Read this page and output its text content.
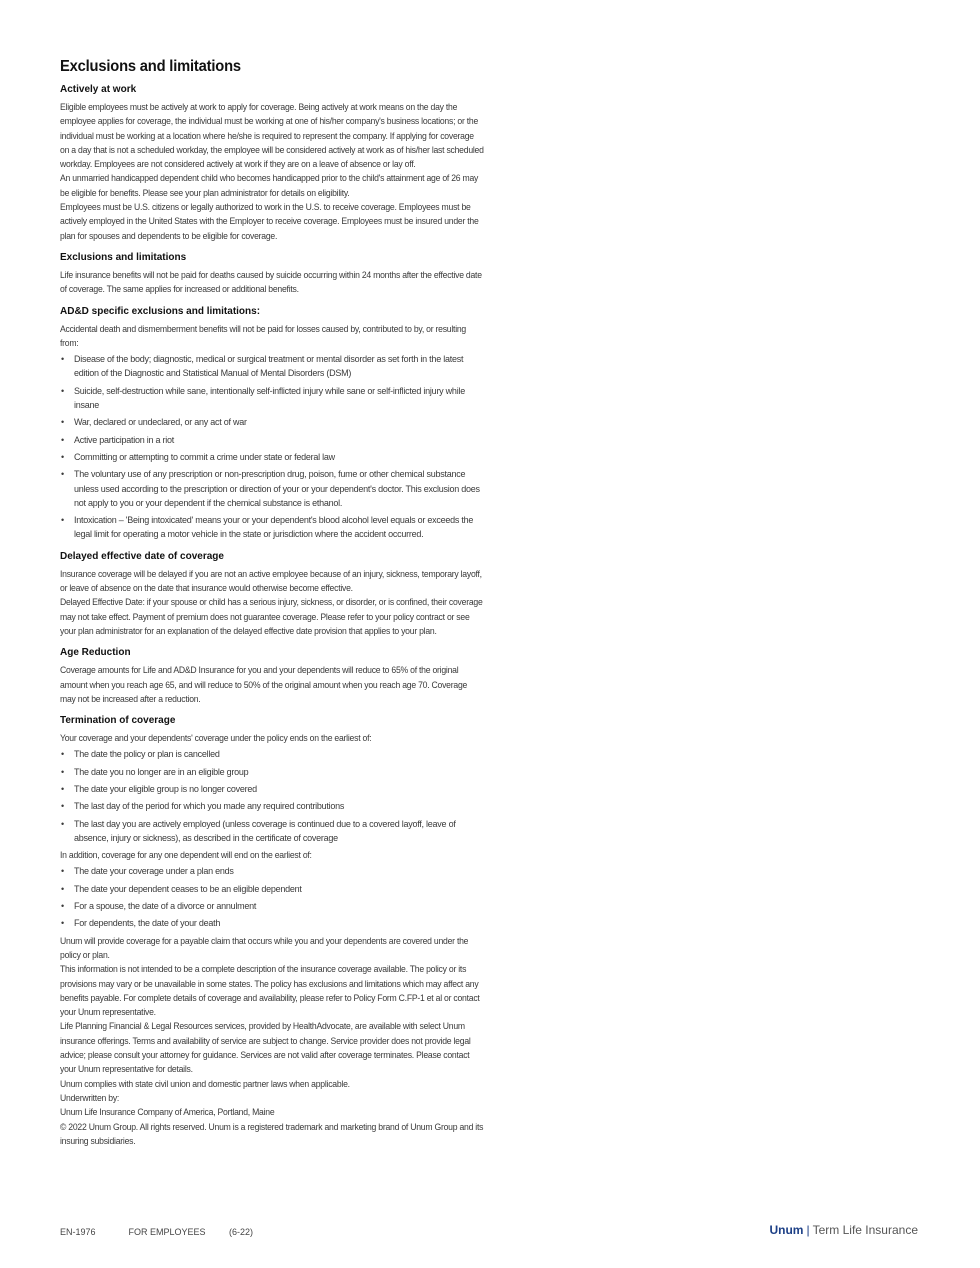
Exclusions and limitations
Actively at work

Eligible employees must be actively at work to apply for coverage. Being actively at work means on the day the employee applies for coverage, the individual must be working at one of his/her company's business locations; or the individual must be working at a location where he/she is required to represent the company. If applying for coverage on a day that is not a scheduled workday, the employee will be considered actively at work as of his/her last scheduled workday. Employees are not considered actively at work if they are on a leave of absence or lay off.

An unmarried handicapped dependent child who becomes handicapped prior to the child's attainment age of 26 may be eligible for benefits. Please see your plan administrator for details on eligibility.

Employees must be U.S. citizens or legally authorized to work in the U.S. to receive coverage. Employees must be actively employed in the United States with the Employer to receive coverage. Employees must be insured under the plan for spouses and dependents to be eligible for coverage.

Exclusions and limitations

Life insurance benefits will not be paid for deaths caused by suicide occurring within 24 months after the effective date of coverage. The same applies for increased or additional benefits.

AD&D specific exclusions and limitations:

Accidental death and dismemberment benefits will not be paid for losses caused by, contributed to by, or resulting from:

• Disease of the body; diagnostic, medical or surgical treatment or mental disorder as set forth in the latest edition of the Diagnostic and Statistical Manual of Mental Disorders (DSM)
• Suicide, self-destruction while sane, intentionally self-inflicted injury while sane or self-inflicted injury while insane
• War, declared or undeclared, or any act of war
• Active participation in a riot
• Committing or attempting to commit a crime under state or federal law
• The voluntary use of any prescription or non-prescription drug, poison, fume or other chemical substance unless used according to the prescription or direction of your or your dependent's doctor. This exclusion does not apply to you or your dependent if the chemical substance is ethanol.
• Intoxication – 'Being intoxicated' means your or your dependent's blood alcohol level equals or exceeds the legal limit for operating a motor vehicle in the state or jurisdiction where the accident occurred.
Delayed effective date of coverage

Insurance coverage will be delayed if you are not an active employee because of an injury, sickness, temporary layoff, or leave of absence on the date that insurance would otherwise become effective.

Delayed Effective Date: if your spouse or child has a serious injury, sickness, or disorder, or is confined, their coverage may not take effect. Payment of premium does not guarantee coverage. Please refer to your policy contract or see your plan administrator for an explanation of the delayed effective date provision that applies to your plan.

Age Reduction

Coverage amounts for Life and AD&D Insurance for you and your dependents will reduce to 65% of the original amount when you reach age 65, and will reduce to 50% of the original amount when you reach age 70. Coverage may not be increased after a reduction.

Termination of coverage

Your coverage and your dependents' coverage under the policy ends on the earliest of:

• The date the policy or plan is cancelled
• The date you no longer are in an eligible group
• The date your eligible group is no longer covered
• The last day of the period for which you made any required contributions
• The last day you are actively employed (unless coverage is continued due to a covered layoff, leave of absence, injury or sickness), as described in the certificate of coverage

In addition, coverage for any one dependent will end on the earliest of:

• The date your coverage under a plan ends
• The date your dependent ceases to be an eligible dependent
• For a spouse, the date of a divorce or annulment
• For dependents, the date of your death

Unum will provide coverage for a payable claim that occurs while you and your dependents are covered under the policy or plan.

This information is not intended to be a complete description of the insurance coverage available. The policy or its provisions may vary or be unavailable in some states. The policy has exclusions and limitations which may affect any benefits payable. For complete details of coverage and availability, please refer to Policy Form C.FP-1 et al or contact your Unum representative.

Life Planning Financial & Legal Resources services, provided by HealthAdvocate, are available with select Unum insurance offerings. Terms and availability of service are subject to change. Service provider does not provide legal advice; please consult your attorney for guidance. Services are not valid after coverage terminates. Please contact your Unum representative for details.

Unum complies with state civil union and domestic partner laws when applicable.

Underwritten by:

Unum Life Insurance Company of America, Portland, Maine

© 2022 Unum Group. All rights reserved. Unum is a registered trademark and marketing brand of Unum Group and its insuring subsidiaries.

EN-1976	FOR EMPLOYEES	(6-22)	Unum | Term Life Insurance
